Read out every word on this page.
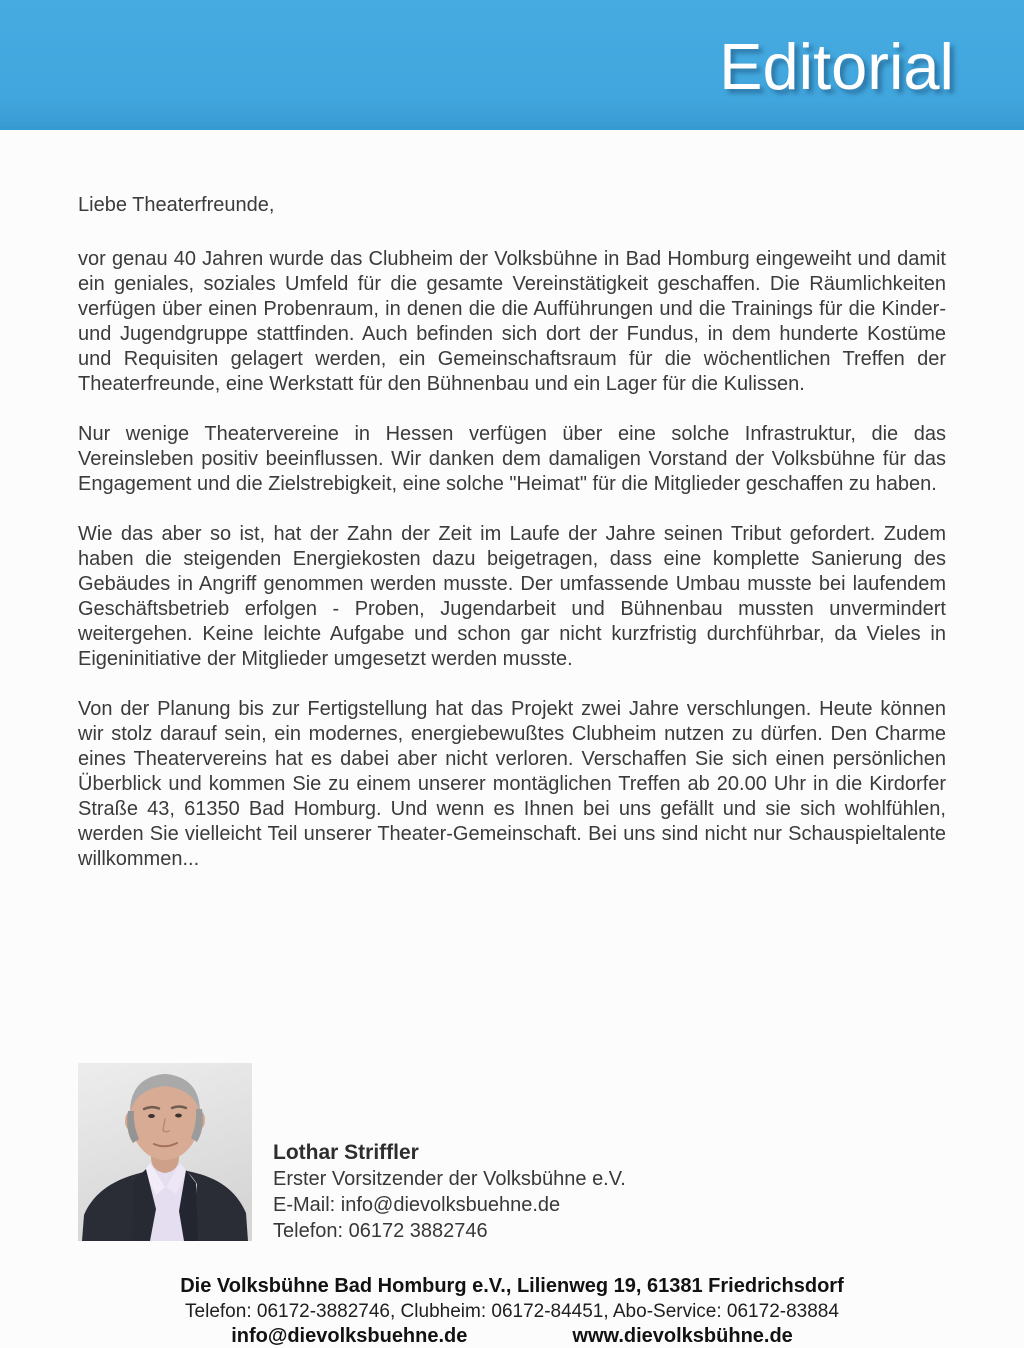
Editorial
Liebe Theaterfreunde,

vor genau 40 Jahren wurde das Clubheim der Volksbühne in Bad Homburg eingeweiht und damit ein geniales, soziales Umfeld für die gesamte Vereinstätigkeit geschaffen. Die Räumlichkeiten verfügen über einen Probenraum, in denen die die Aufführungen und die Trainings für die Kinder- und Jugendgruppe stattfinden. Auch befinden sich dort der Fundus, in dem hunderte Kostüme und Requisiten gelagert werden, ein Gemeinschaftsraum für die wöchentlichen Treffen der Theaterfreunde, eine Werkstatt für den Bühnenbau und ein Lager für die Kulissen.

Nur wenige Theatervereine in Hessen verfügen über eine solche Infrastruktur, die das Vereinsleben positiv beeinflussen. Wir danken dem damaligen Vorstand der Volksbühne für das Engagement und die Zielstrebigkeit, eine solche "Heimat" für die Mitglieder geschaffen zu haben.

Wie das aber so ist, hat der Zahn der Zeit im Laufe der Jahre seinen Tribut gefordert. Zudem haben die steigenden Energiekosten dazu beigetragen, dass eine komplette Sanierung des Gebäudes in Angriff genommen werden musste. Der umfassende Umbau musste bei laufendem Geschäftsbetrieb erfolgen - Proben, Jugendarbeit und Bühnenbau mussten unvermindert weitergehen. Keine leichte Aufgabe und schon gar nicht kurzfristig durchführbar, da Vieles in Eigeninitiative der Mitglieder umgesetzt werden musste.

Von der Planung bis zur Fertigstellung hat das Projekt zwei Jahre verschlungen. Heute können wir stolz darauf sein, ein modernes, energiebewußtes Clubheim nutzen zu dürfen. Den Charme eines Theatervereins hat es dabei aber nicht verloren. Verschaffen Sie sich einen persönlichen Überblick und kommen Sie zu einem unserer montäglichen Treffen ab 20.00 Uhr in die Kirdorfer Straße 43, 61350 Bad Homburg. Und wenn es Ihnen bei uns gefällt und sie sich wohlfühlen, werden Sie vielleicht Teil unserer Theater-Gemeinschaft. Bei uns sind nicht nur Schauspieltalente willkommen...

Lothar Striffler
Erster Vorsitzender der Volksbühne e.V.
E-Mail: info@dievolksbuehne.de
Telefon: 06172 3882746
Die Volksbühne Bad Homburg e.V., Lilienweg 19, 61381 Friedrichsdorf
Telefon: 06172-3882746, Clubheim: 06172-84451, Abo-Service: 06172-83884
info@dievolksbuehne.de	www.dievolksbühne.de
